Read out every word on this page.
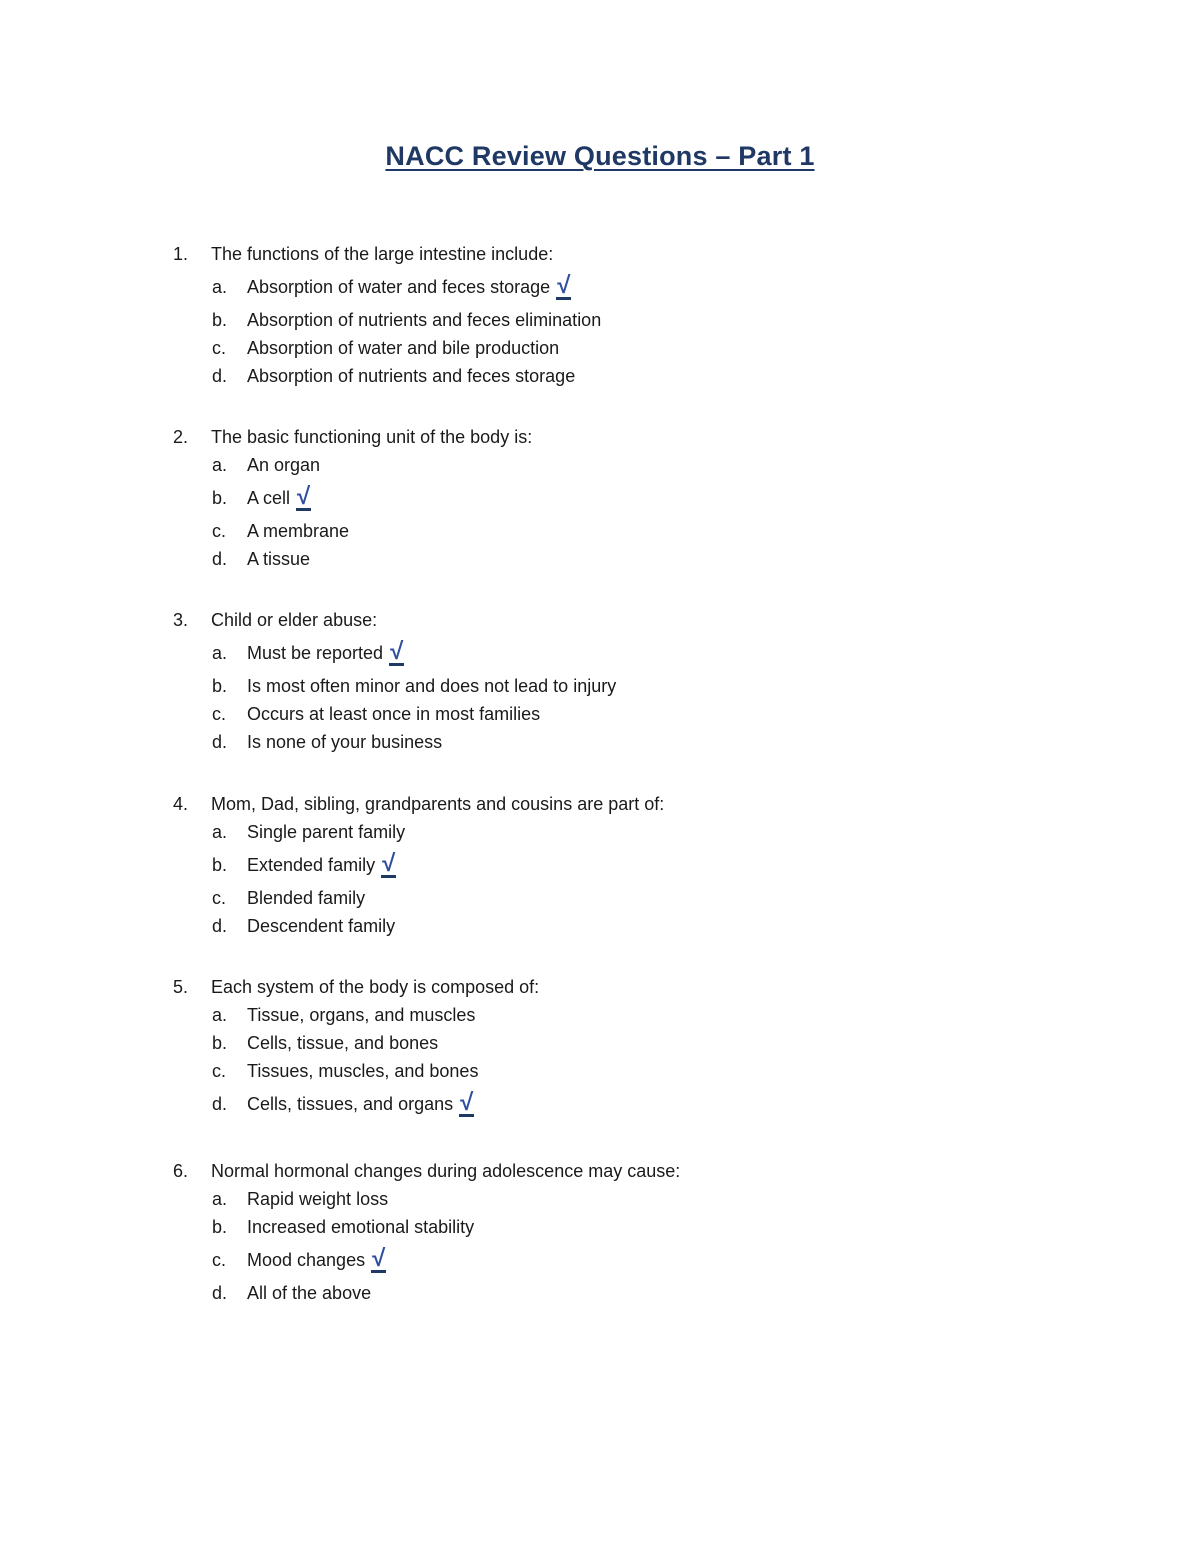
NACC Review Questions – Part 1
1.	The functions of the large intestine include:
a.	Absorption of water and feces storage √
b.	Absorption of nutrients and feces elimination
c.	Absorption of water and bile production
d.	Absorption of nutrients and feces storage
2.	The basic functioning unit of the body is:
a.	An organ
b.	A cell √
c.	A membrane
d.	A tissue
3.	Child or elder abuse:
a.	Must be reported √
b.	Is most often minor and does not lead to injury
c.	Occurs at least once in most families
d.	Is none of your business
4.	Mom, Dad, sibling, grandparents and cousins are part of:
a.	Single parent family
b.	Extended family √
c.	Blended family
d.	Descendent family
5.	Each system of the body is composed of:
a.	Tissue, organs, and muscles
b.	Cells, tissue, and bones
c.	Tissues, muscles, and bones
d.	Cells, tissues, and organs √
6.	Normal hormonal changes during adolescence may cause:
a.	Rapid weight loss
b.	Increased emotional stability
c.	Mood changes √
d.	All of the above
